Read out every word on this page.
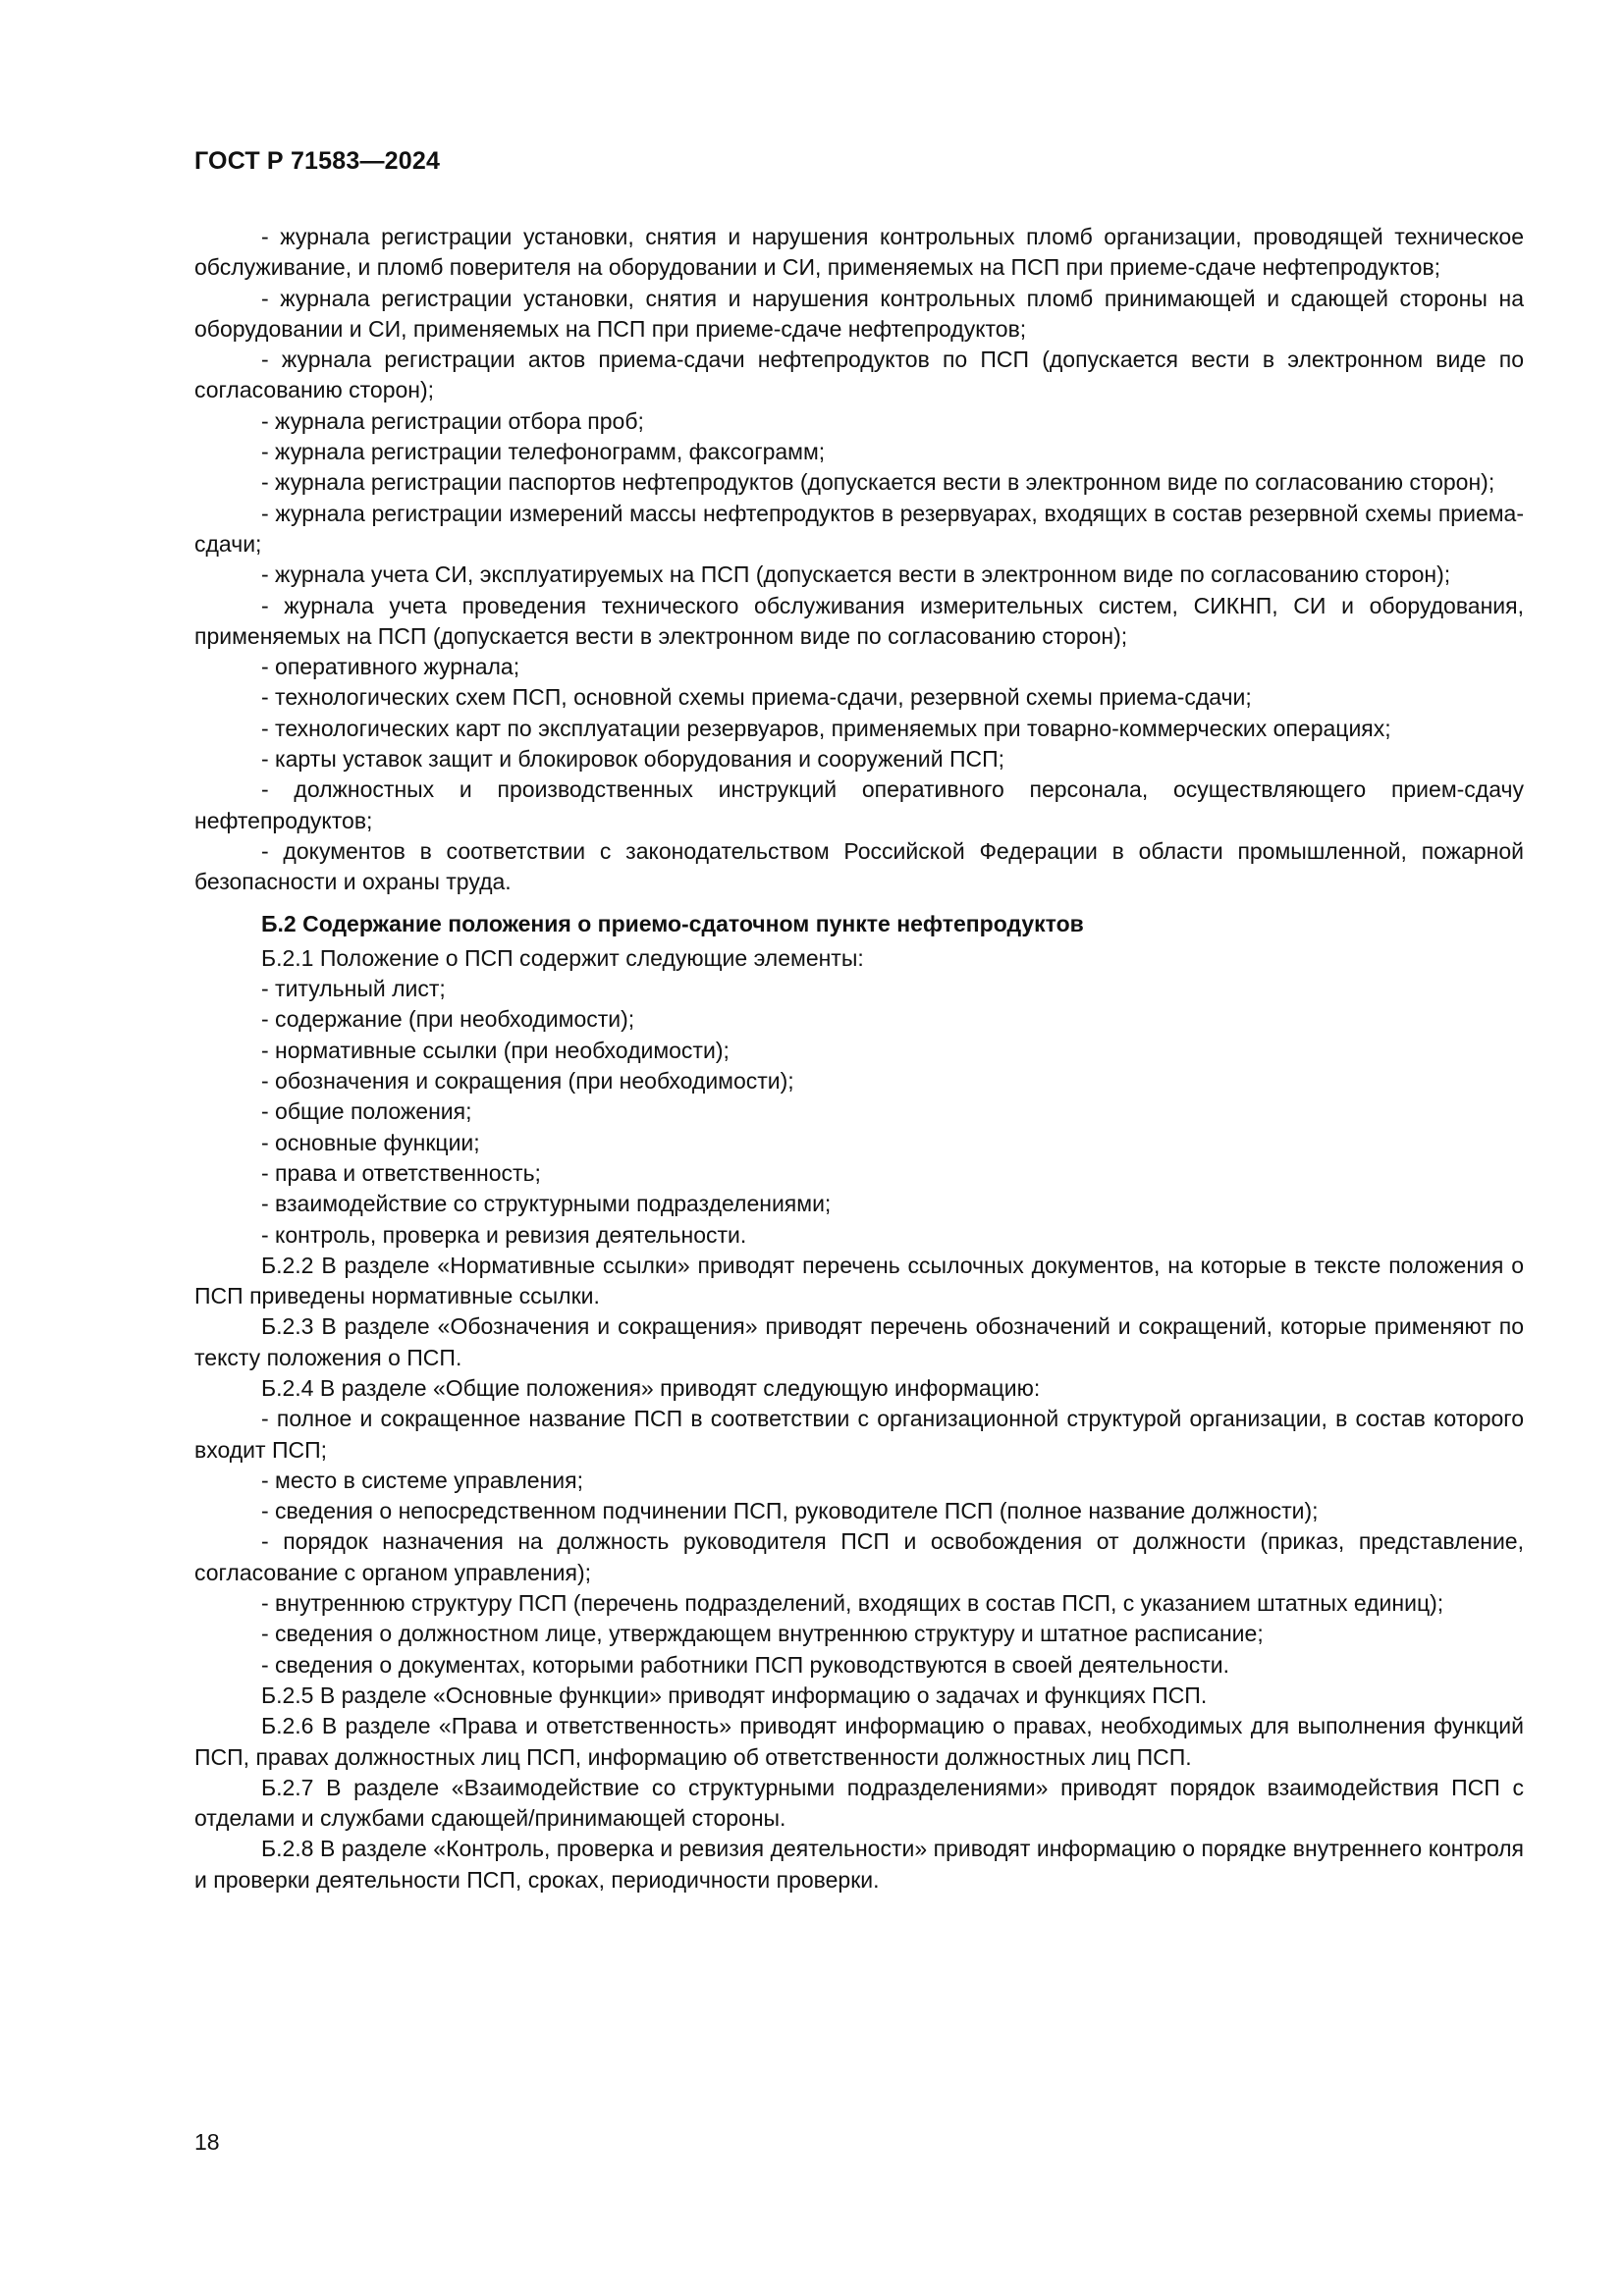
ГОСТ Р 71583—2024

- журнала регистрации установки, снятия и нарушения контрольных пломб организации, проводящей техническое обслуживание, и пломб поверителя на оборудовании и СИ, применяемых на ПСП при приеме-сдаче нефтепродуктов;

- журнала регистрации установки, снятия и нарушения контрольных пломб принимающей и сдающей стороны на оборудовании и СИ, применяемых на ПСП при приеме-сдаче нефтепродуктов;

- журнала регистрации актов приема-сдачи нефтепродуктов по ПСП (допускается вести в электронном виде по согласованию сторон);

- журнала регистрации отбора проб;

- журнала регистрации телефонограмм, факсограмм;

- журнала регистрации паспортов нефтепродуктов (допускается вести в электронном виде по согласованию сторон);

- журнала регистрации измерений массы нефтепродуктов в резервуарах, входящих в состав резервной схемы приема-сдачи;

- журнала учета СИ, эксплуатируемых на ПСП (допускается вести в электронном виде по согласованию сторон);

- журнала учета проведения технического обслуживания измерительных систем, СИКНП, СИ и оборудования, применяемых на ПСП (допускается вести в электронном виде по согласованию сторон);

- оперативного журнала;

- технологических схем ПСП, основной схемы приема-сдачи, резервной схемы приема-сдачи;

- технологических карт по эксплуатации резервуаров, применяемых при товарно-коммерческих операциях;

- карты уставок защит и блокировок оборудования и сооружений ПСП;

- должностных и производственных инструкций оперативного персонала, осуществляющего прием-сдачу нефтепродуктов;

- документов в соответствии с законодательством Российской Федерации в области промышленной, пожарной безопасности и охраны труда.

Б.2 Содержание положения о приемо-сдаточном пункте нефтепродуктов

Б.2.1 Положение о ПСП содержит следующие элементы:

- титульный лист;

- содержание (при необходимости);

- нормативные ссылки (при необходимости);

- обозначения и сокращения (при необходимости);

- общие положения;

- основные функции;

- права и ответственность;

- взаимодействие со структурными подразделениями;

- контроль, проверка и ревизия деятельности.

Б.2.2 В разделе «Нормативные ссылки» приводят перечень ссылочных документов, на которые в тексте положения о ПСП приведены нормативные ссылки.

Б.2.3 В разделе «Обозначения и сокращения» приводят перечень обозначений и сокращений, которые применяют по тексту положения о ПСП.

Б.2.4 В разделе «Общие положения» приводят следующую информацию:

- полное и сокращенное название ПСП в соответствии с организационной структурой организации, в состав которого входит ПСП;

- место в системе управления;

- сведения о непосредственном подчинении ПСП, руководителе ПСП (полное название должности);

- порядок назначения на должность руководителя ПСП и освобождения от должности (приказ, представление, согласование с органом управления);

- внутреннюю структуру ПСП (перечень подразделений, входящих в состав ПСП, с указанием штатных единиц);

- сведения о должностном лице, утверждающем внутреннюю структуру и штатное расписание;

- сведения о документах, которыми работники ПСП руководствуются в своей деятельности.

Б.2.5 В разделе «Основные функции» приводят информацию о задачах и функциях ПСП.

Б.2.6 В разделе «Права и ответственность» приводят информацию о правах, необходимых для выполнения функций ПСП, правах должностных лиц ПСП, информацию об ответственности должностных лиц ПСП.

Б.2.7 В разделе «Взаимодействие со структурными подразделениями» приводят порядок взаимодействия ПСП с отделами и службами сдающей/принимающей стороны.

Б.2.8 В разделе «Контроль, проверка и ревизия деятельности» приводят информацию о порядке внутреннего контроля и проверки деятельности ПСП, сроках, периодичности проверки.

18
